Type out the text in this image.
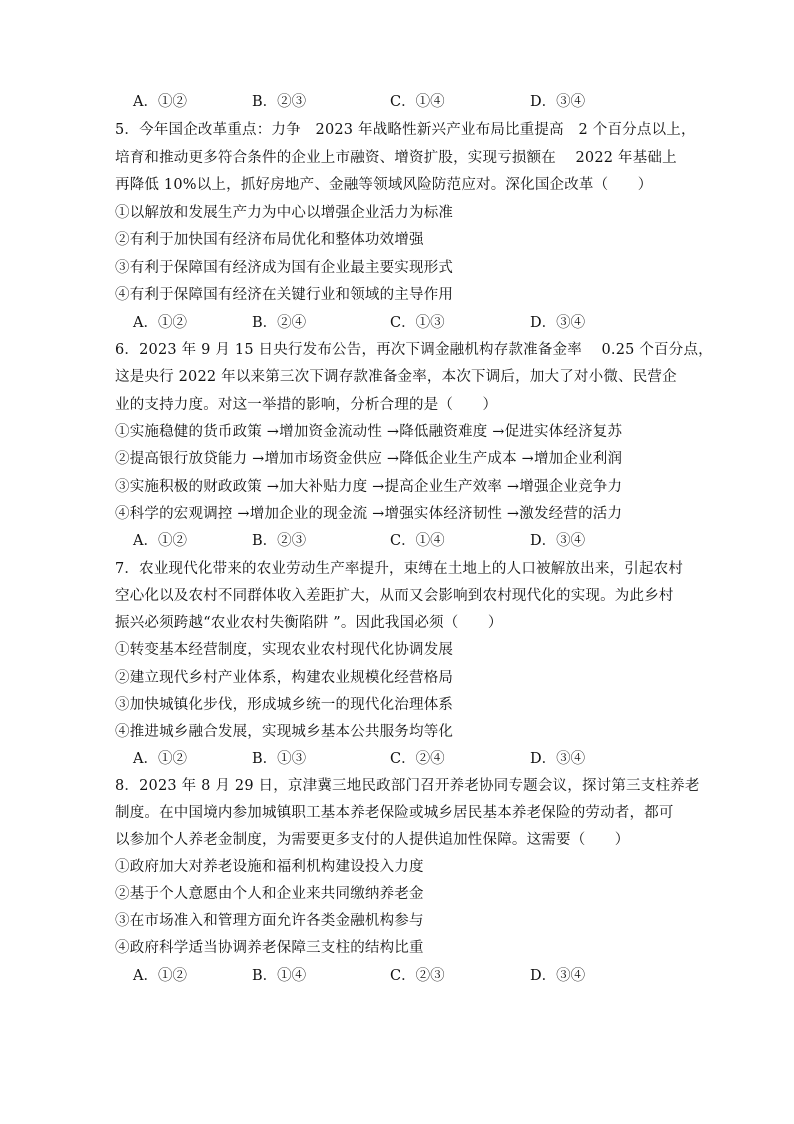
A．①②	B．②③	C．①④	D．③④
5．今年国企改革重点：力争　2023 年战略性新兴产业布局比重提高　2 个百分点以上，
培育和推动更多符合条件的企业上市融资、增资扩股，实现亏损额在　 2022 年基础上
再降低 10%以上，抓好房地产、金融等领域风险防范应对。深化国企改革（　　）
①以解放和发展生产力为中心以增强企业活力为标准
②有利于加快国有经济布局优化和整体功效增强
③有利于保障国有经济成为国有企业最主要实现形式
④有利于保障国有经济在关键行业和领域的主导作用
A．①②	B．②④	C．①③	D．③④
6．2023 年 9 月 15 日央行发布公告，再次下调金融机构存款准备金率　 0.25 个百分点，
这是央行 2022 年以来第三次下调存款准备金率，本次下调后，加大了对小微、民营企
业的支持力度。对这一举措的影响，分析合理的是（　　）
①实施稳健的货币政策 →增加资金流动性 →降低融资难度 →促进实体经济复苏
②提高银行放贷能力 →增加市场资金供应 →降低企业生产成本 →增加企业利润
③实施积极的财政政策 →加大补贴力度 →提高企业生产效率 →增强企业竞争力
④科学的宏观调控 →增加企业的现金流 →增强实体经济韧性 →激发经营的活力
A．①②	B．②③	C．①④	D．③④
7．农业现代化带来的农业劳动生产率提升，束缚在土地上的人口被解放出来，引起农村
空心化以及农村不同群体收入差距扩大，从而又会影响到农村现代化的实现。为此乡村
振兴必须跨越“农业农村失衡陷阱 ”。因此我国必须（　　）
①转变基本经营制度，实现农业农村现代化协调发展
②建立现代乡村产业体系，构建农业规模化经营格局
③加快城镇化步伐，形成城乡统一的现代化治理体系
④推进城乡融合发展，实现城乡基本公共服务均等化
A．①②	B．①③	C．②④	D．③④
8．2023 年 8 月 29 日，京津冀三地民政部门召开养老协同专题会议，探讨第三支柱养老
制度。在中国境内参加城镇职工基本养老保险或城乡居民基本养老保险的劳动者，都可
以参加个人养老金制度，为需要更多支付的人提供追加性保障。这需要（　　）
①政府加大对养老设施和福利机构建设投入力度
②基于个人意愿由个人和企业来共同缴纳养老金
③在市场准入和管理方面允许各类金融机构参与
④政府科学适当协调养老保障三支柱的结构比重
A．①②	B．①④	C．②③	D．③④
